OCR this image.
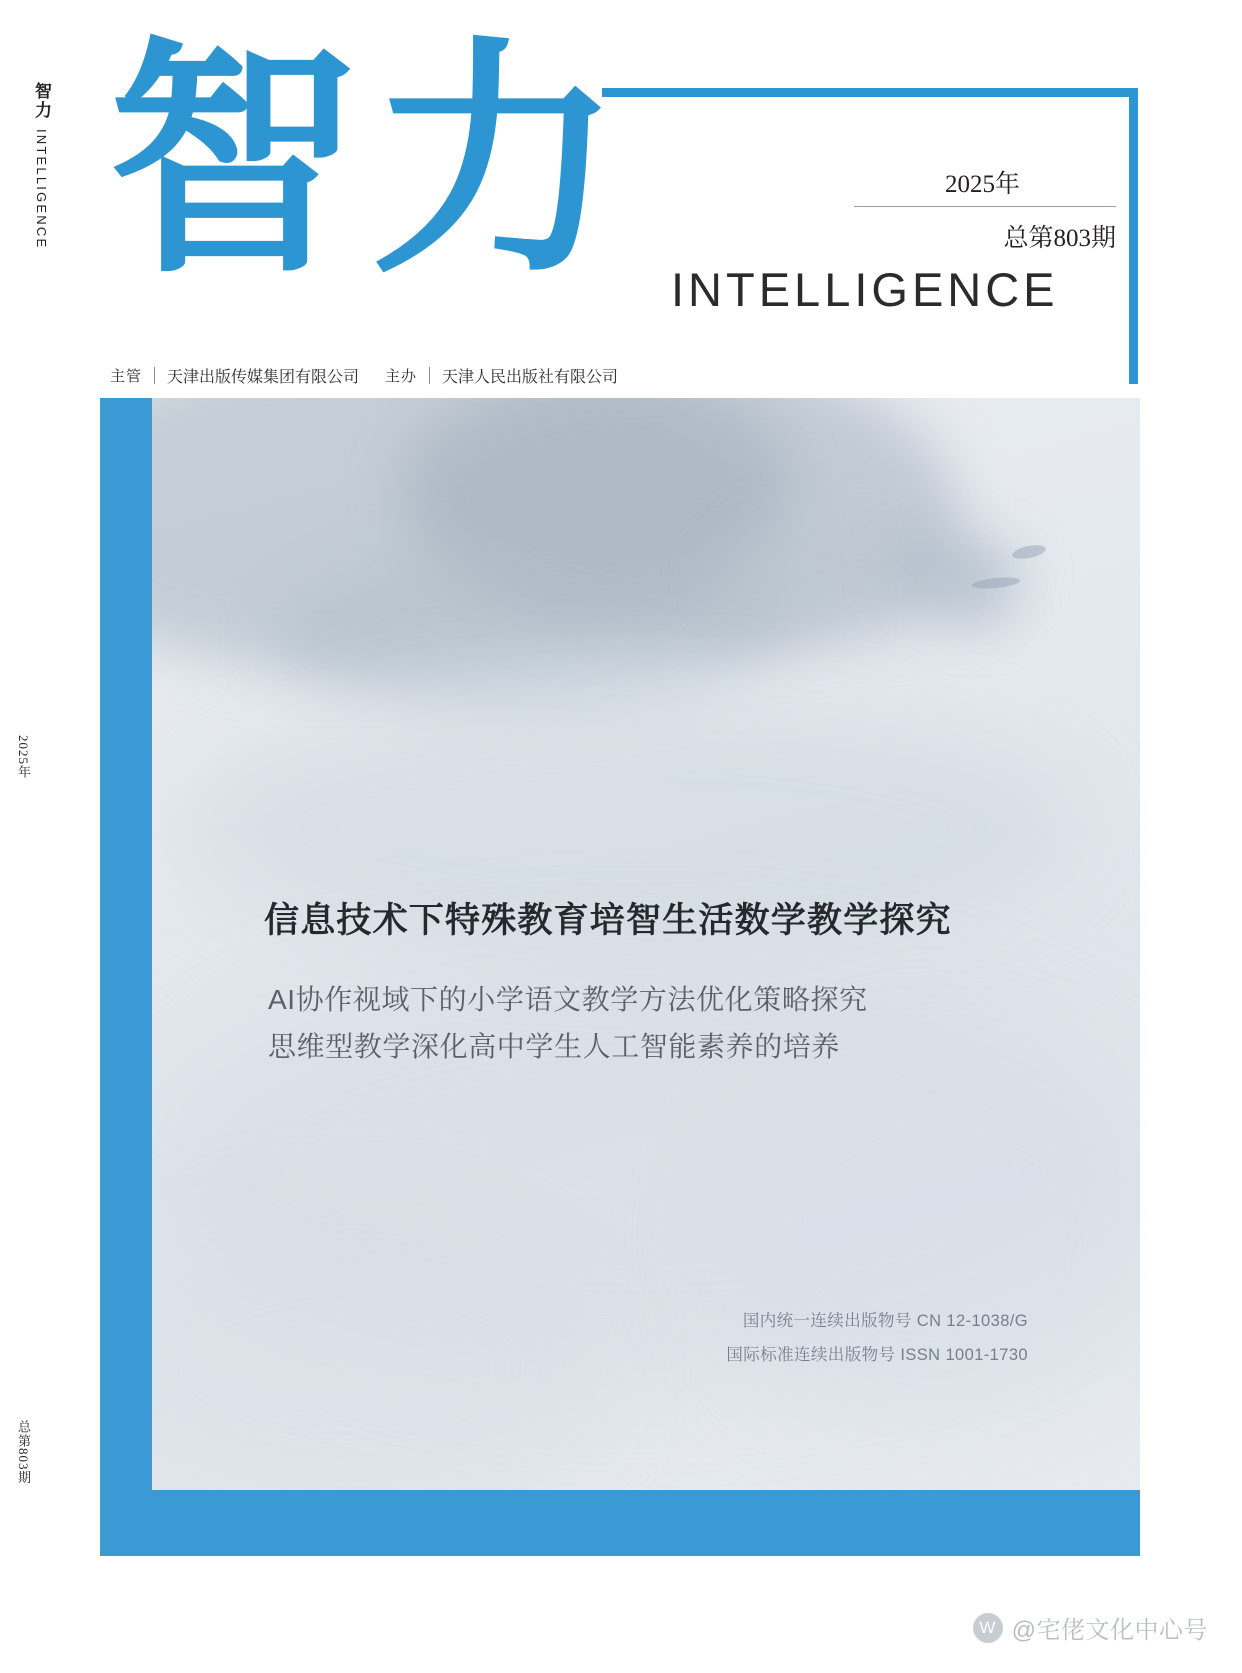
智力 INTELLIGENCE
2025年
总第803期
智力	2025年
总第803期
INTELLIGENCE
主管 天津出版传媒集团有限公司 主办 天津人民出版社有限公司
信息技术下特殊教育培智生活数学教学探究
AI协作视域下的小学语文教学方法优化策略探究
思维型教学深化高中学生人工智能素养的培养
国内统一连续出版物号 CN 12-1038/G
国际标准连续出版物号 ISSN 1001-1730
W @宅佬文化中心号
